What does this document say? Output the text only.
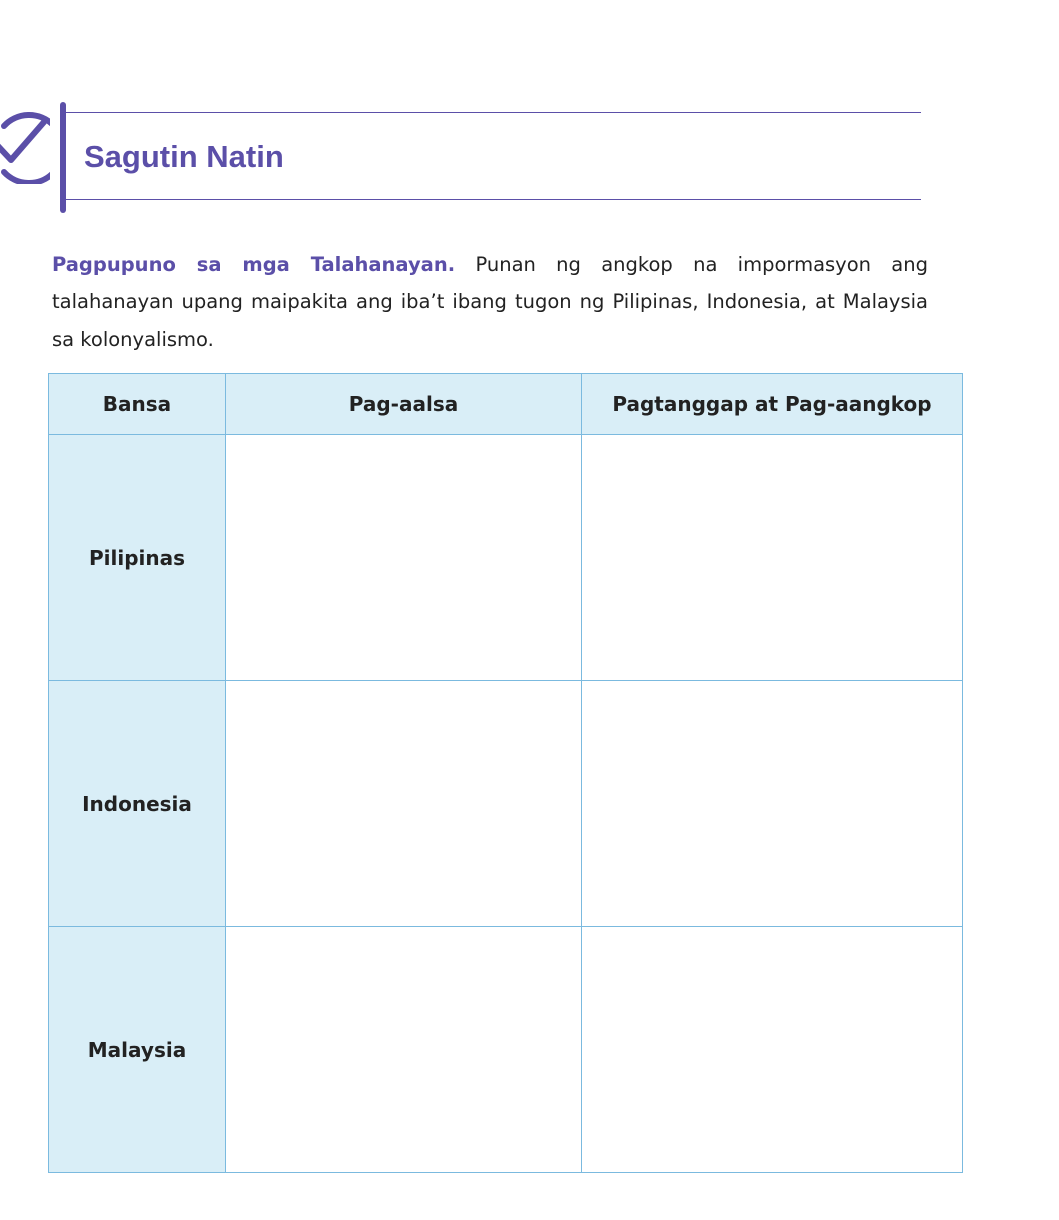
Sagutin Natin

Pagpupuno sa mga Talahanayan. Punan ng angkop na impormasyon ang talahanayan upang maipakita ang iba’t ibang tugon ng Pilipinas, Indonesia, at Malaysia sa kolonyalismo.

Bansa	Pag-aalsa	Pagtanggap at Pag-aangkop
Pilipinas		
Indonesia		
Malaysia		
